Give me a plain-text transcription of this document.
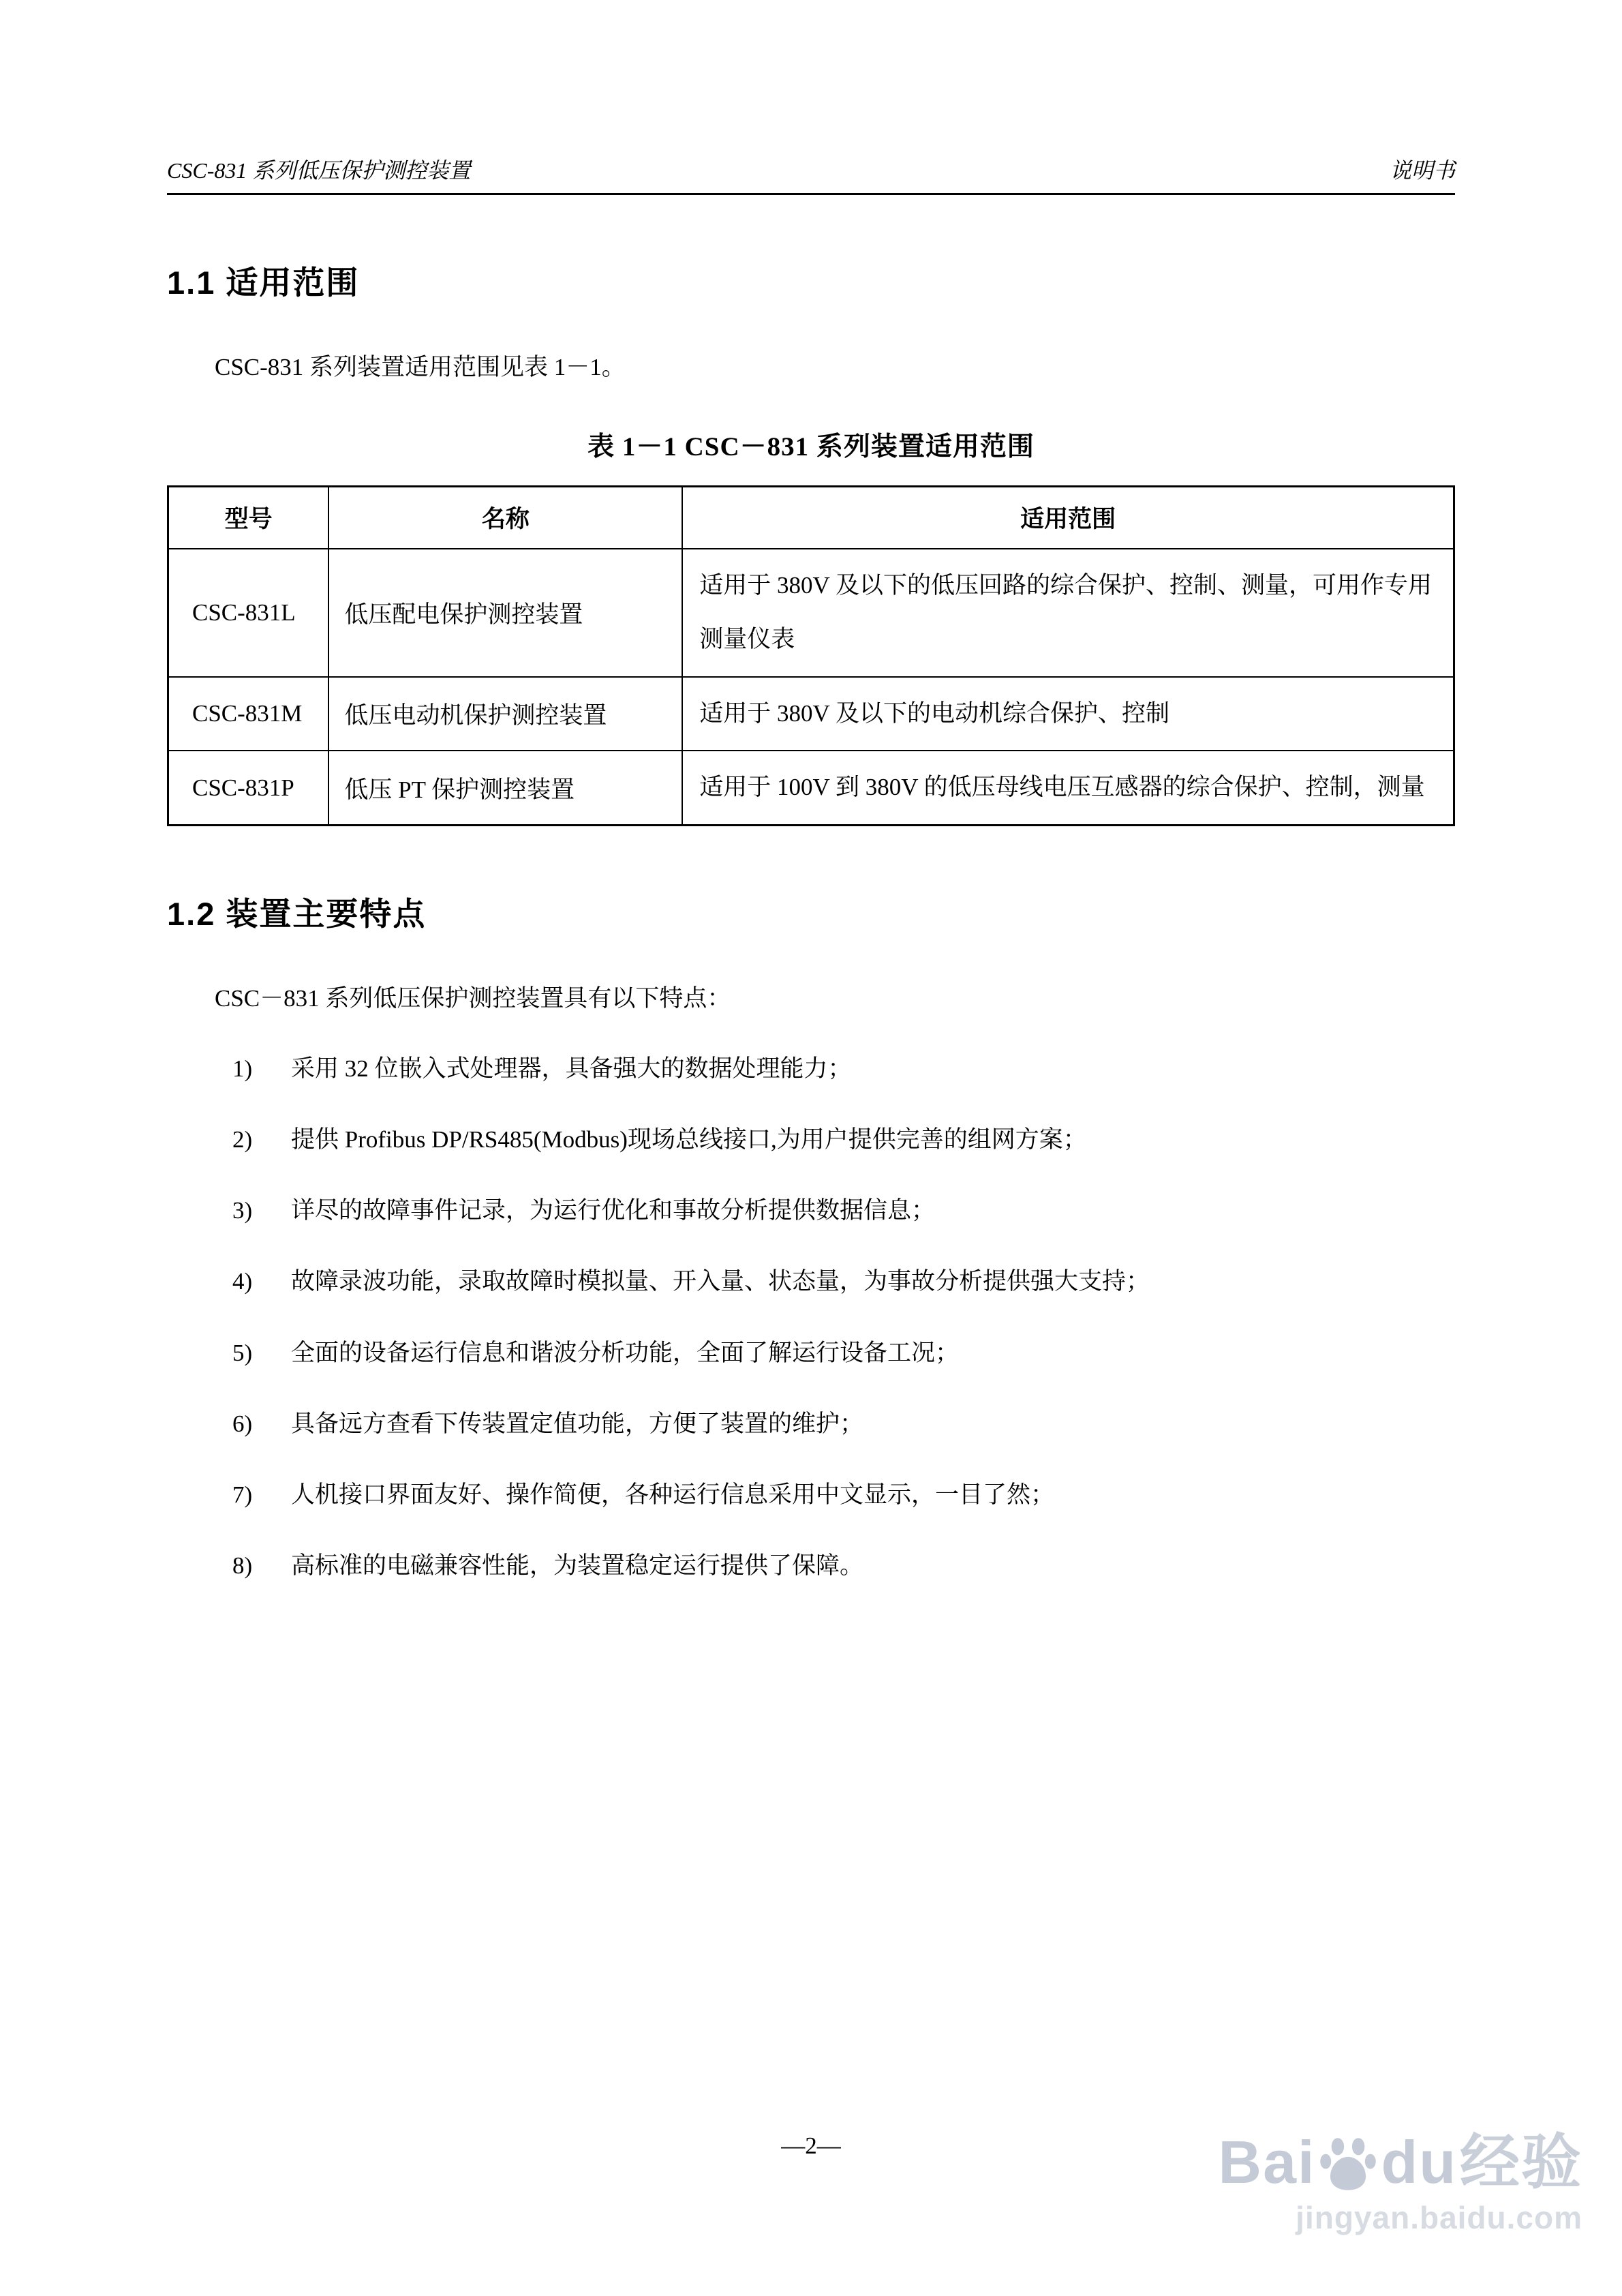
CSC-831 系列低压保护测控装置	说明书
1.1 适用范围

CSC-831 系列装置适用范围见表 1－1。

表 1－1 CSC－831 系列装置适用范围
型号	名称	适用范围
CSC-831L	低压配电保护测控装置	适用于 380V 及以下的低压回路的综合保护、控制、测量，可用作专用测量仪表
CSC-831M	低压电动机保护测控装置	适用于 380V 及以下的电动机综合保护、控制
CSC-831P	低压 PT 保护测控装置	适用于 100V 到 380V 的低压母线电压互感器的综合保护、控制，测量
1.2 装置主要特点

CSC－831 系列低压保护测控装置具有以下特点：

1)	采用 32 位嵌入式处理器，具备强大的数据处理能力；
2)	提供 Profibus DP/RS485(Modbus)现场总线接口,为用户提供完善的组网方案；
3)	详尽的故障事件记录，为运行优化和事故分析提供数据信息；
4)	故障录波功能，录取故障时模拟量、开入量、状态量，为事故分析提供强大支持；
5)	全面的设备运行信息和谐波分析功能，全面了解运行设备工况；
6)	具备远方查看下传装置定值功能，方便了装置的维护；
7)	人机接口界面友好、操作简便，各种运行信息采用中文显示，一目了然；
8)	高标准的电磁兼容性能，为装置稳定运行提供了保障。
—2—	Bai du 经验
jingyan.baidu.com
